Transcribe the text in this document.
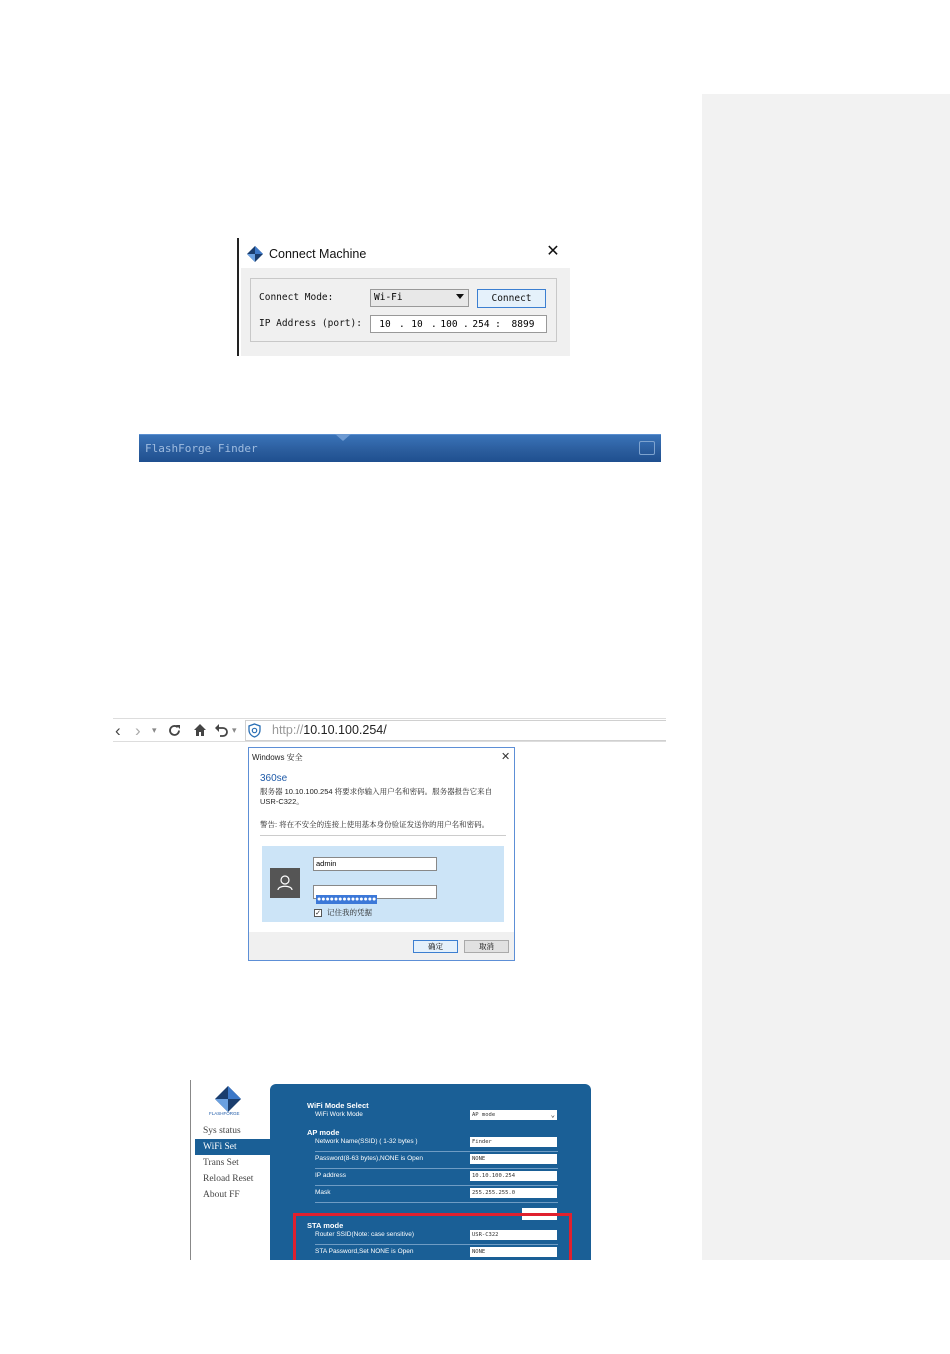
Connect Machine	✕
Connect Mode:	Wi-Fi	Connect
IP Address (port):	10 . 10 . 100 . 254 :	8899
FlashForge Finder
‹ › ▾	▾	http://10.10.100.254/
Windows 安全	✕
360se
服务器 10.10.100.254 将要求你输入用户名和密码。服务器报告它来自 USR-C322。
警告: 将在不安全的连接上使用基本身份验证发送你的用户名和密码。
admin
●●●●●●●●●●●●●●
✓ 记住我的凭据
确定	取消
FLASHFORGE
Sys status
WiFi Set
Trans Set
Reload Reset
About FF
WiFi Mode Select
WiFi Work Mode	AP mode	⌄
AP mode
Network Name(SSID) ( 1-32 bytes )	Finder
Password(8-63 bytes),NONE is Open	NONE
IP address	10.10.100.254
Mask	255.255.255.0
STA mode
Router SSID(Note: case sensitive)	USR-C322
STA Password,Set NONE is Open	NONE
